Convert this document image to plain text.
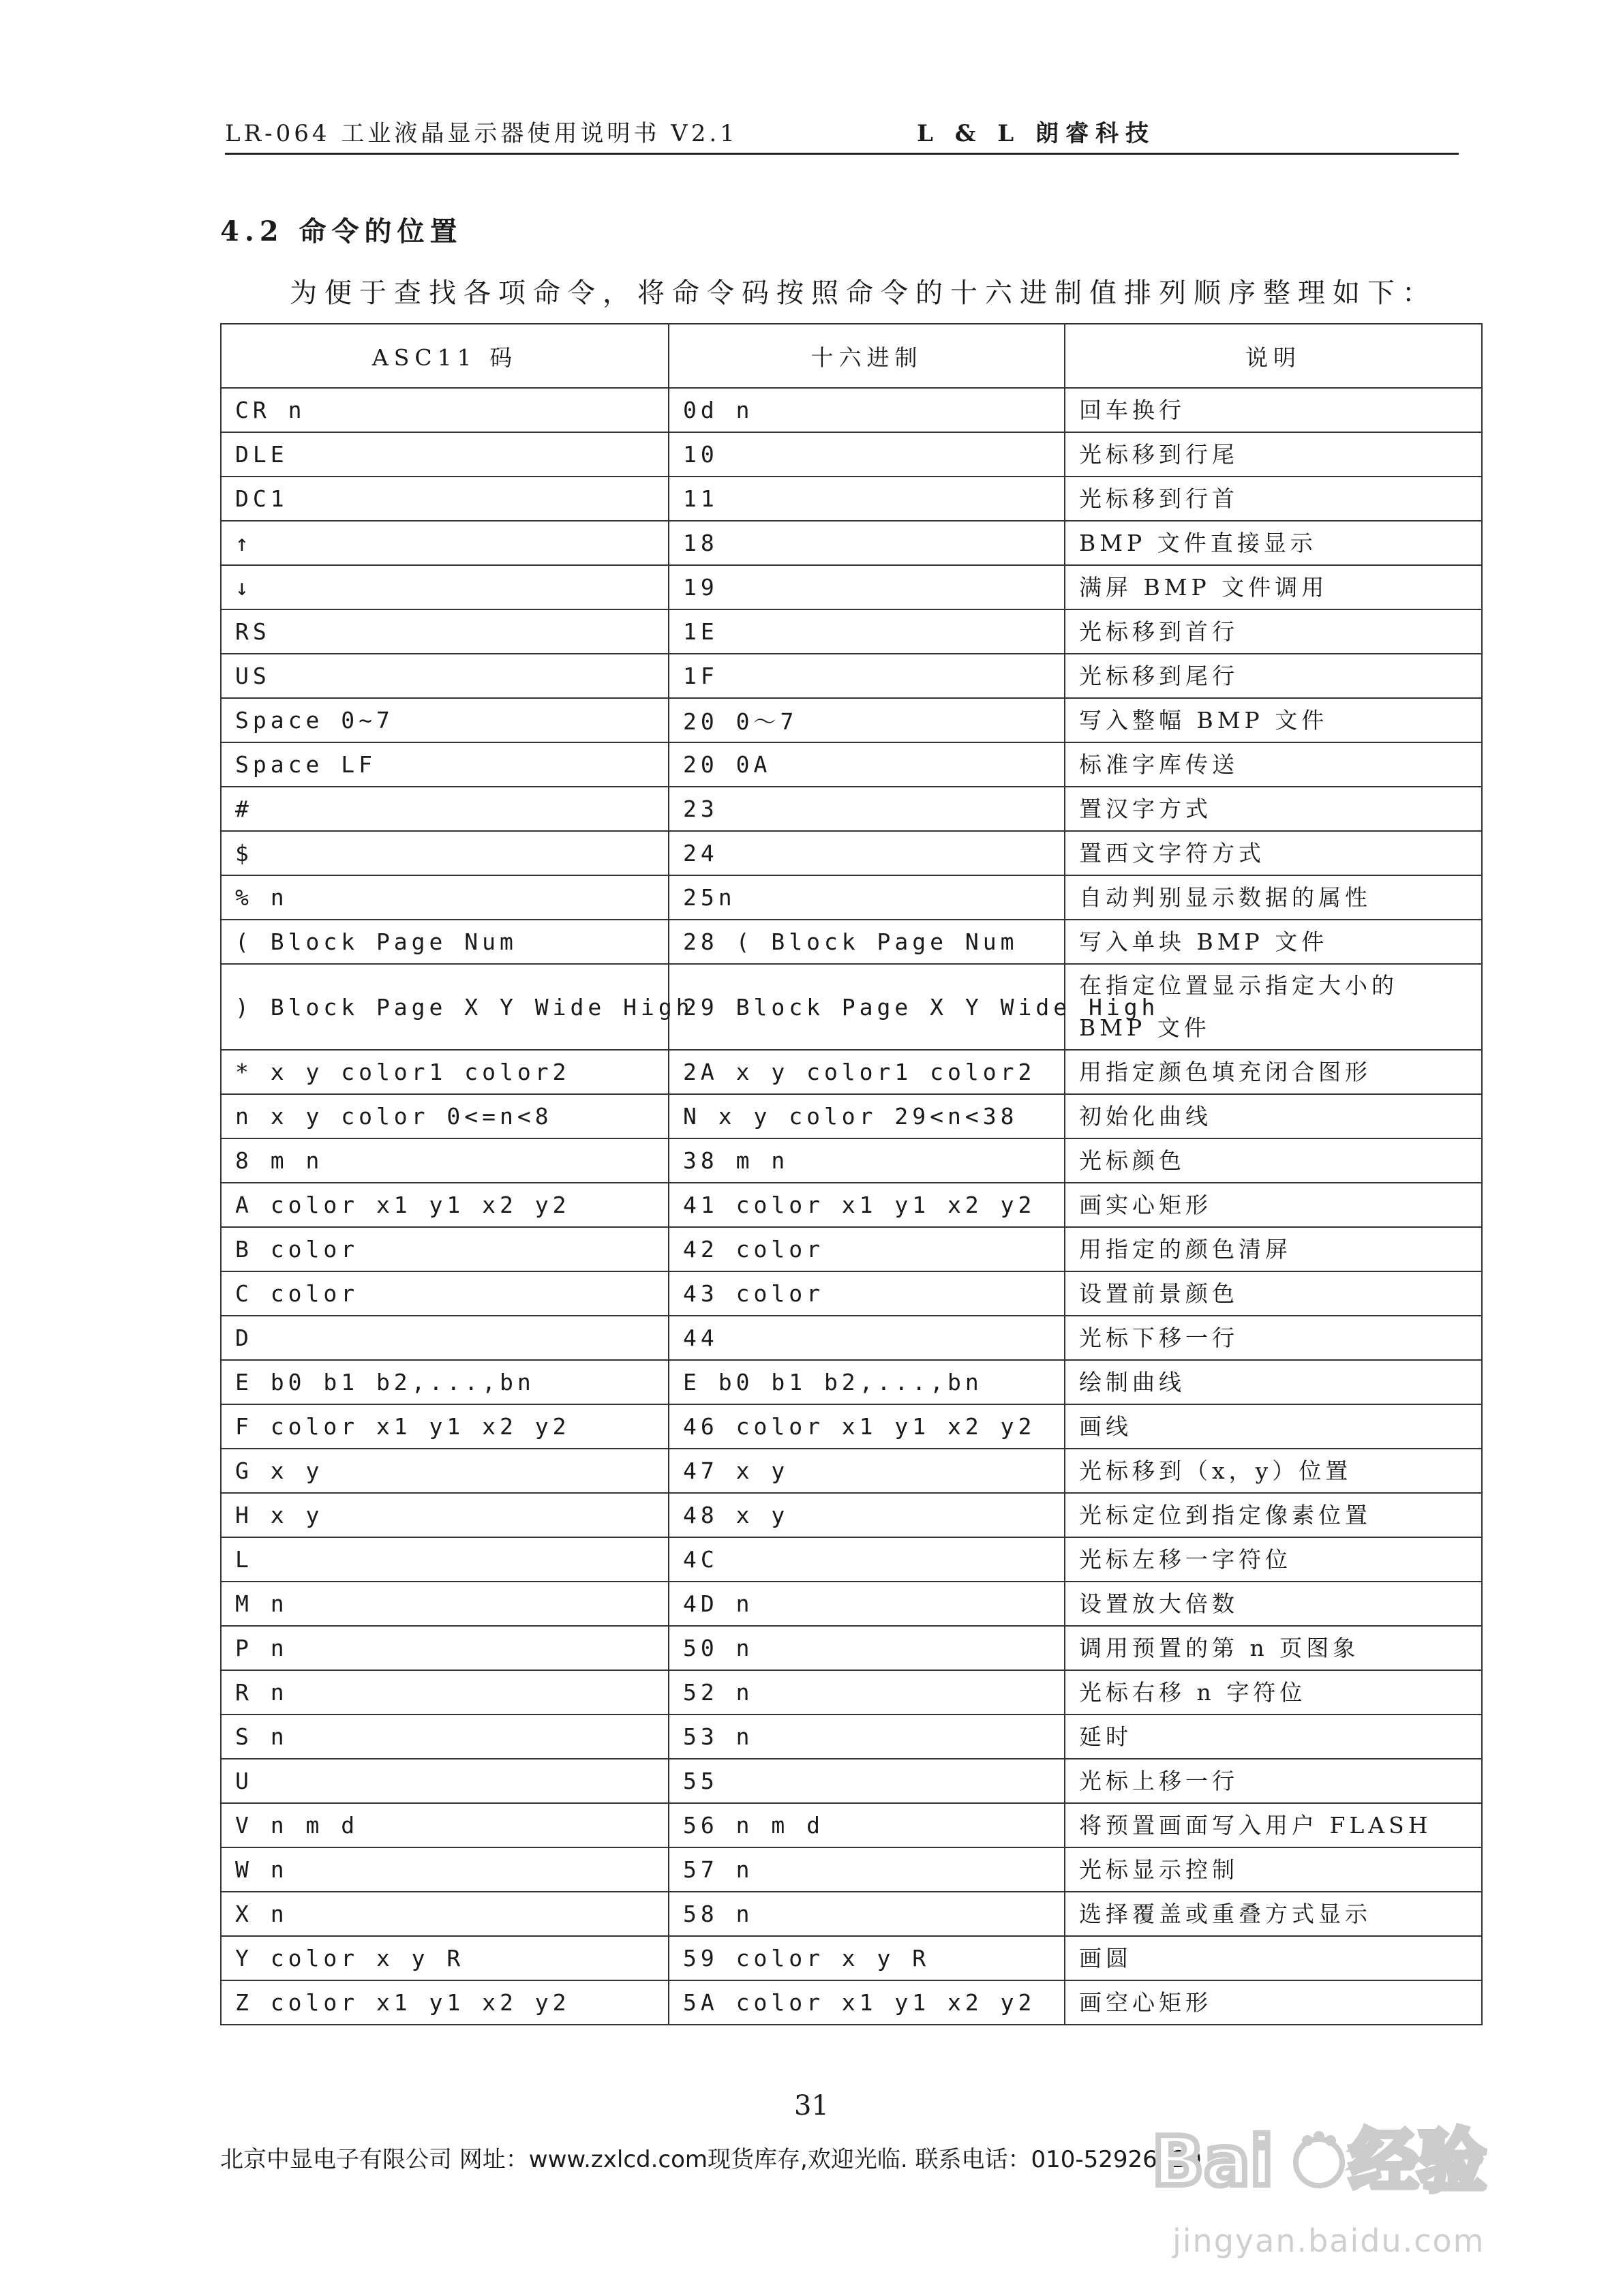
LR-064 工业液晶显示器使用说明书 V2.1	L & L 朗睿科技
4.2 命令的位置
为便于查找各项命令，将命令码按照命令的十六进制值排列顺序整理如下：
ASC11 码	十六进制	说明
CR n	0d n	回车换行
DLE	10	光标移到行尾
DC1	11	光标移到行首
↑	18	BMP 文件直接显示
↓	19	满屏 BMP 文件调用
RS	1E	光标移到首行
US	1F	光标移到尾行
Space 0~7	20 0～7	写入整幅 BMP 文件
Space LF	20 0A	标准字库传送
#	23	置汉字方式
$	24	置西文字符方式
% n	25n	自动判别显示数据的属性
( Block Page Num	28 ( Block Page Num	写入单块 BMP 文件
) Block Page X Y Wide High	29 Block Page X Y Wide High	在指定位置显示指定大小的 BMP 文件
* x y color1 color2	2A x y color1 color2	用指定颜色填充闭合图形
n x y color 0<=n<8	N x y color 29<n<38	初始化曲线
8 m n	38 m n	光标颜色
A color x1 y1 x2 y2	41 color x1 y1 x2 y2	画实心矩形
B color	42 color	用指定的颜色清屏
C color	43 color	设置前景颜色
D	44	光标下移一行
E b0 b1 b2,...,bn	E b0 b1 b2,...,bn	绘制曲线
F color x1 y1 x2 y2	46 color x1 y1 x2 y2	画线
G x y	47 x y	光标移到（x，y）位置
H x y	48 x y	光标定位到指定像素位置
L	4C	光标左移一字符位
M n	4D n	设置放大倍数
P n	50 n	调用预置的第 n 页图象
R n	52 n	光标右移 n 字符位
S n	53 n	延时
U	55	光标上移一行
V n m d	56 n m d	将预置画面写入用户 FLASH
W n	57 n	光标显示控制
X n	58 n	选择覆盖或重叠方式显示
Y color x y R	59 color x y R	画圆
Z color x1 y1 x2 y2	5A color x1 y1 x2 y2	画空心矩形
31
北京中显电子有限公司 网址：www.zxlcd.com现货库存,欢迎光临. 联系电话：010-52926620
Bai 经验
jingyan.baidu.com
